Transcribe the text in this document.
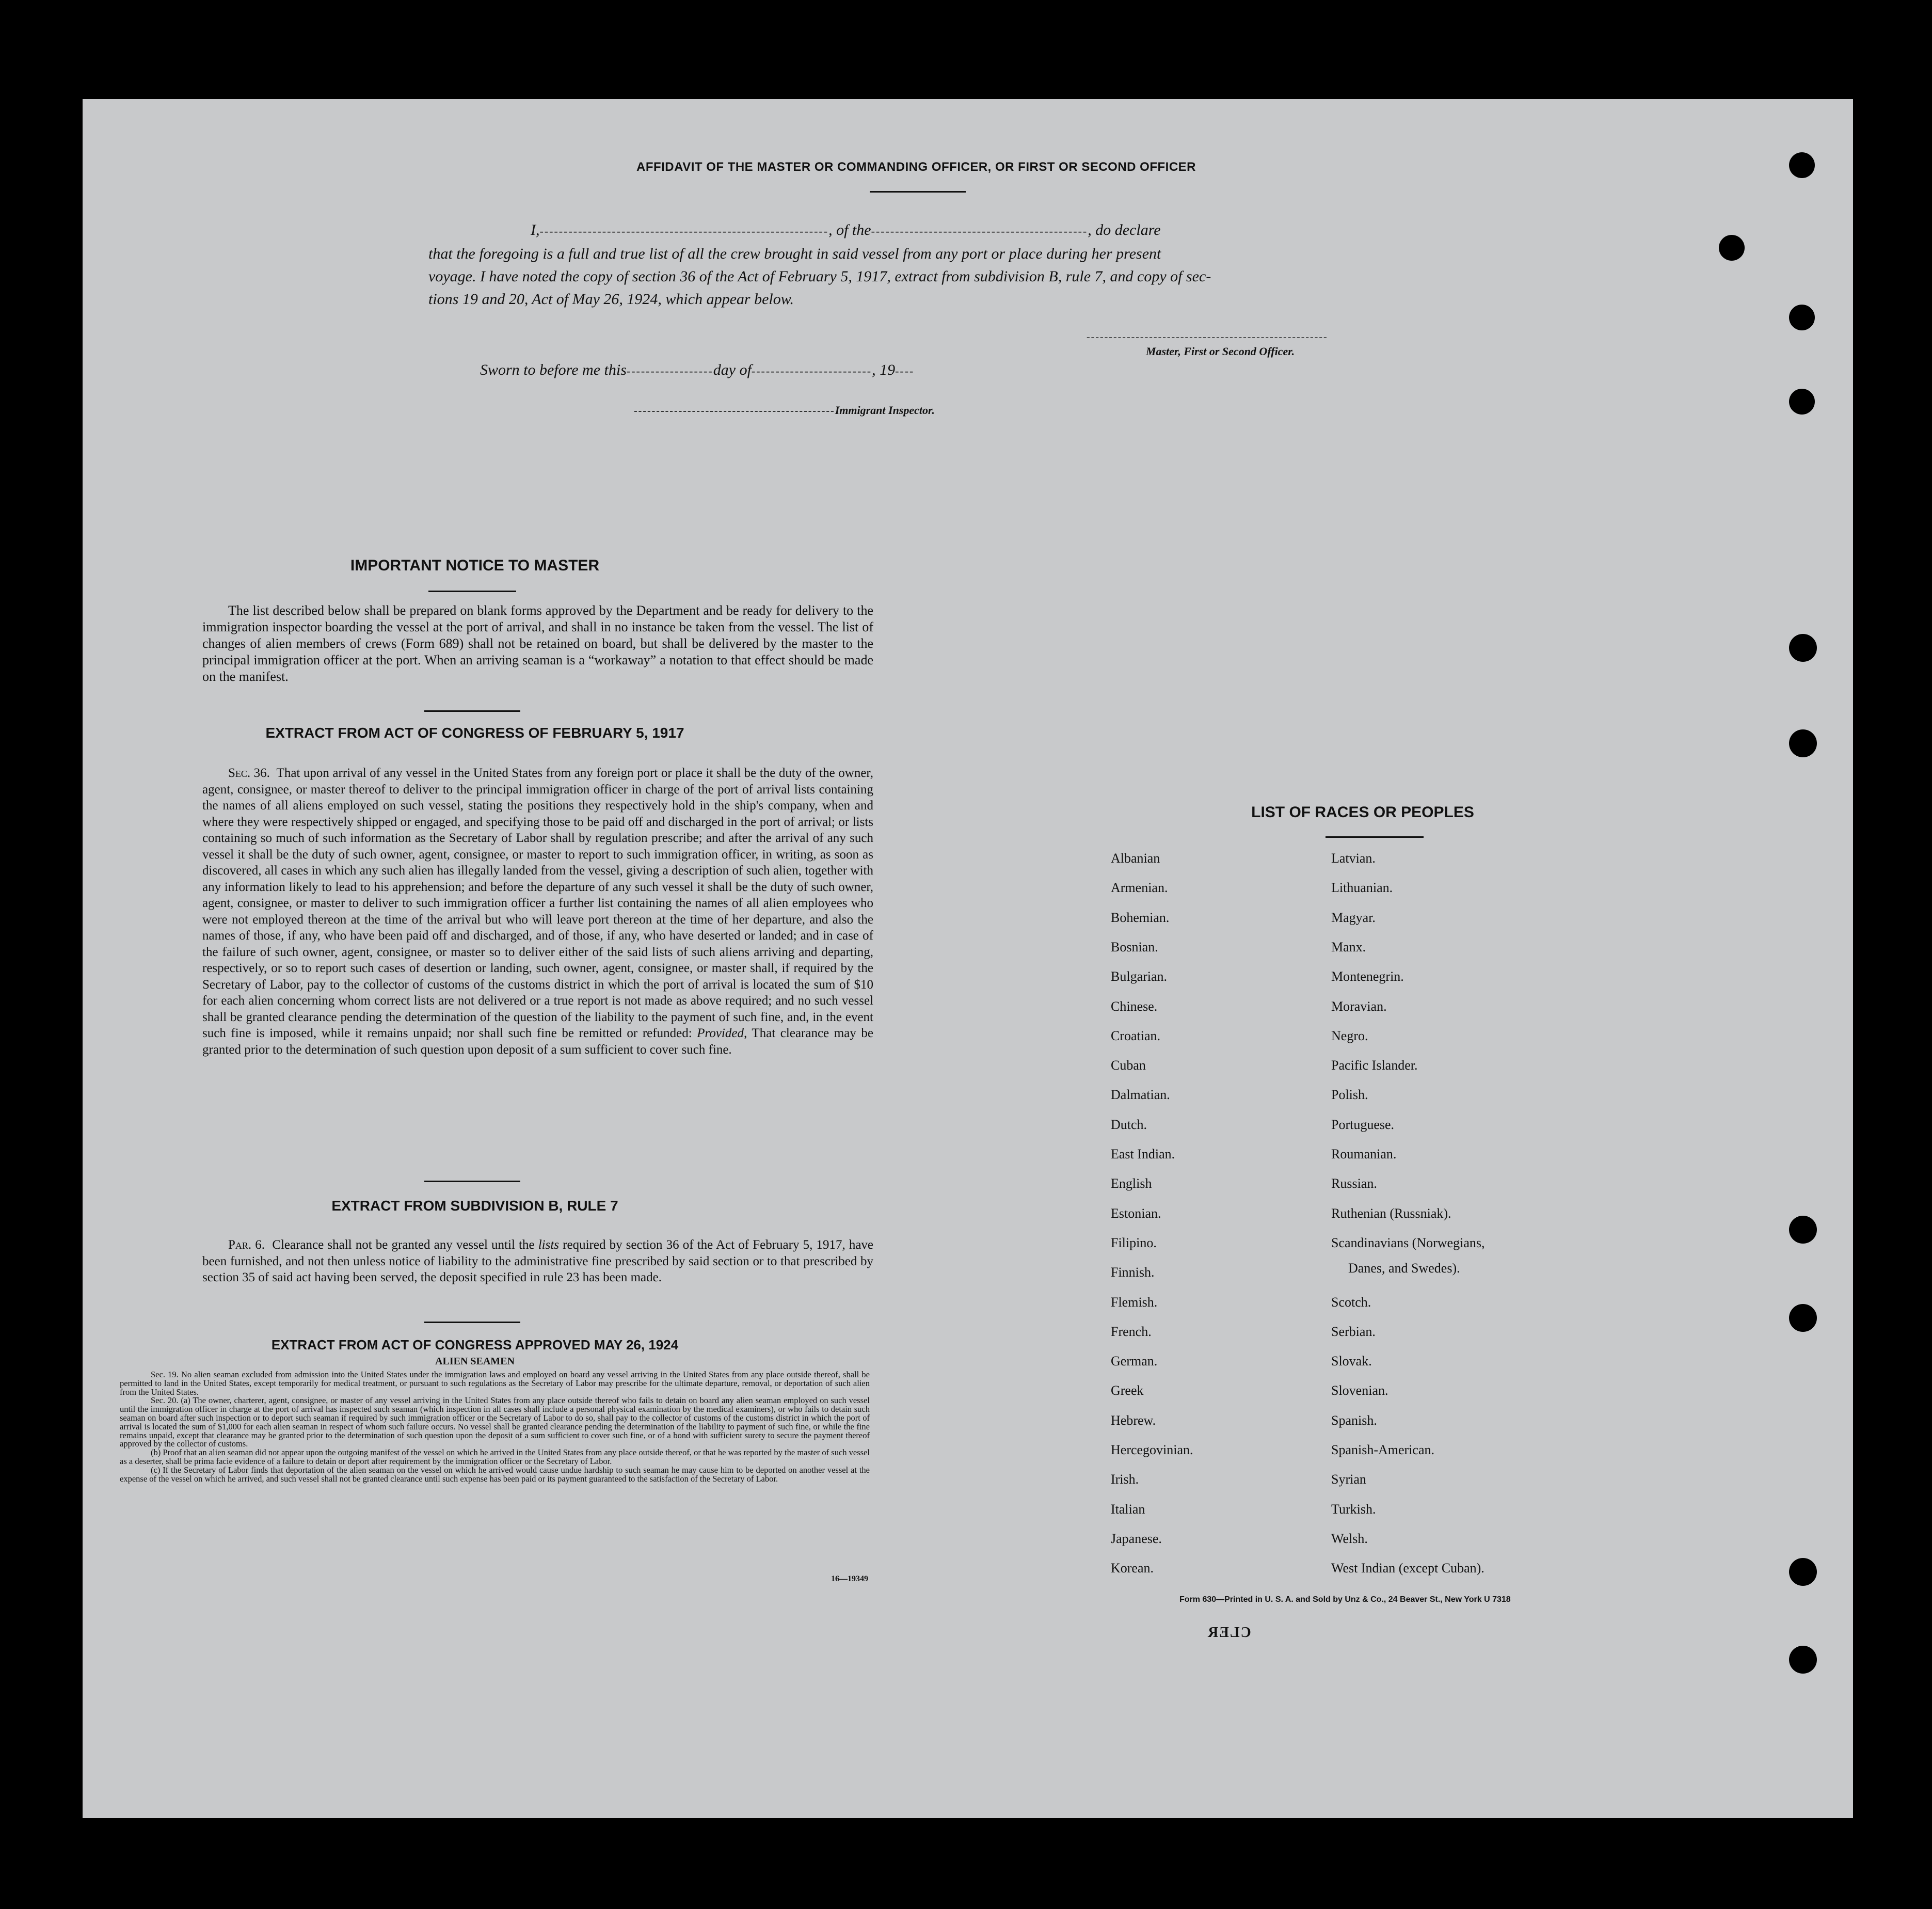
AFFIDAVIT OF THE MASTER OR COMMANDING OFFICER, OR FIRST OR SECOND OFFICER
I,------------------------------------------------------------, of the---------------------------------------------, do declare
that the foregoing is a full and true list of all the crew brought in said vessel from any port or place during her present
voyage. I have noted the copy of section 36 of the Act of February 5, 1917, extract from subdivision B, rule 7, and copy of sec-
tions 19 and 20, Act of May 26, 1924, which appear below.
------------------------------------------------------
Master, First or Second Officer.
Sworn to before me this------------------day of-------------------------, 19----
---------------------------------------------Immigrant Inspector.
IMPORTANT NOTICE TO MASTER
The list described below shall be prepared on blank forms approved by the Department and be ready for delivery to the immigration inspector boarding the vessel at the port of arrival, and shall in no instance be taken from the vessel. The list of changes of alien members of crews (Form 689) shall not be retained on board, but shall be delivered by the master to the principal immigration officer at the port. When an arriving seaman is a “workaway” a notation to that effect should be made on the manifest.
EXTRACT FROM ACT OF CONGRESS OF FEBRUARY 5, 1917
Sec. 36. That upon arrival of any vessel in the United States from any foreign port or place it shall be the duty of the owner, agent, consignee, or master thereof to deliver to the principal immigration officer in charge of the port of arrival lists containing the names of all aliens employed on such vessel, stating the positions they respectively hold in the ship's company, when and where they were respectively shipped or engaged, and specifying those to be paid off and discharged in the port of arrival; or lists containing so much of such information as the Secretary of Labor shall by regulation prescribe; and after the arrival of any such vessel it shall be the duty of such owner, agent, consignee, or master to report to such immigration officer, in writing, as soon as discovered, all cases in which any such alien has illegally landed from the vessel, giving a description of such alien, together with any information likely to lead to his apprehension; and before the departure of any such vessel it shall be the duty of such owner, agent, consignee, or master to deliver to such immigration officer a further list containing the names of all alien employees who were not employed thereon at the time of the arrival but who will leave port thereon at the time of her departure, and also the names of those, if any, who have been paid off and discharged, and of those, if any, who have deserted or landed; and in case of the failure of such owner, agent, consignee, or master so to deliver either of the said lists of such aliens arriving and departing, respectively, or so to report such cases of desertion or landing, such owner, agent, consignee, or master shall, if required by the Secretary of Labor, pay to the collector of customs of the customs district in which the port of arrival is located the sum of $10 for each alien concerning whom correct lists are not delivered or a true report is not made as above required; and no such vessel shall be granted clearance pending the determination of the question of the liability to the payment of such fine, and, in the event such fine is imposed, while it remains unpaid; nor shall such fine be remitted or refunded: Provided, That clearance may be granted prior to the determination of such question upon deposit of a sum sufficient to cover such fine.
EXTRACT FROM SUBDIVISION B, RULE 7
Par. 6. Clearance shall not be granted any vessel until the lists required by section 36 of the Act of February 5, 1917, have been furnished, and not then unless notice of liability to the administrative fine prescribed by said section or to that prescribed by section 35 of said act having been served, the deposit specified in rule 23 has been made.
EXTRACT FROM ACT OF CONGRESS APPROVED MAY 26, 1924
ALIEN SEAMEN
Sec. 19. No alien seaman excluded from admission into the United States under the immigration laws and employed on board any vessel arriving in the United States from any place outside thereof, shall be permitted to land in the United States, except temporarily for medical treatment, or pursuant to such regulations as the Secretary of Labor may prescribe for the ultimate departure, removal, or deportation of such alien from the United States.
Sec. 20. (a) The owner, charterer, agent, consignee, or master of any vessel arriving in the United States from any place outside thereof who fails to detain on board any alien seaman employed on such vessel until the immigration officer in charge at the port of arrival has inspected such seaman (which inspection in all cases shall include a personal physical examination by the medical examiners), or who fails to detain such seaman on board after such inspection or to deport such seaman if required by such immigration officer or the Secretary of Labor to do so, shall pay to the collector of customs of the customs district in which the port of arrival is located the sum of $1,000 for each alien seaman in respect of whom such failure occurs. No vessel shall be granted clearance pending the determination of the liability to payment of such fine, or while the fine remains unpaid, except that clearance may be granted prior to the determination of such question upon the deposit of a sum sufficient to cover such fine, or of a bond with sufficient surety to secure the payment thereof approved by the collector of customs.
(b) Proof that an alien seaman did not appear upon the outgoing manifest of the vessel on which he arrived in the United States from any place outside thereof, or that he was reported by the master of such vessel as a deserter, shall be prima facie evidence of a failure to detain or deport after requirement by the immigration officer or the Secretary of Labor.
(c) If the Secretary of Labor finds that deportation of the alien seaman on the vessel on which he arrived would cause undue hardship to such seaman he may cause him to be deported on another vessel at the expense of the vessel on which he arrived, and such vessel shall not be granted clearance until such expense has been paid or its payment guaranteed to the satisfaction of the Secretary of Labor.
16—19349
LIST OF RACES OR PEOPLES
Danes, and Swedes).
Form 630—Printed in U. S. A. and Sold by Unz & Co., 24 Beaver St., New York U 7318
CLER
Albanian
Armenian.
Bohemian.
Bosnian.
Bulgarian.
Chinese.
Croatian.
Cuban
Dalmatian.
Dutch.
East Indian.
English
Estonian.
Filipino.
Finnish.
Flemish.
French.
German.
Greek
Hebrew.
Hercegovinian.
Irish.
Italian
Japanese.
Korean.
Latvian.
Lithuanian.
Magyar.
Manx.
Montenegrin.
Moravian.
Negro.
Pacific Islander.
Polish.
Portuguese.
Roumanian.
Russian.
Ruthenian (Russniak).
Scandinavians (Norwegians,
Scotch.
Serbian.
Slovak.
Slovenian.
Spanish.
Spanish-American.
Syrian
Turkish.
Welsh.
West Indian (except Cuban).
